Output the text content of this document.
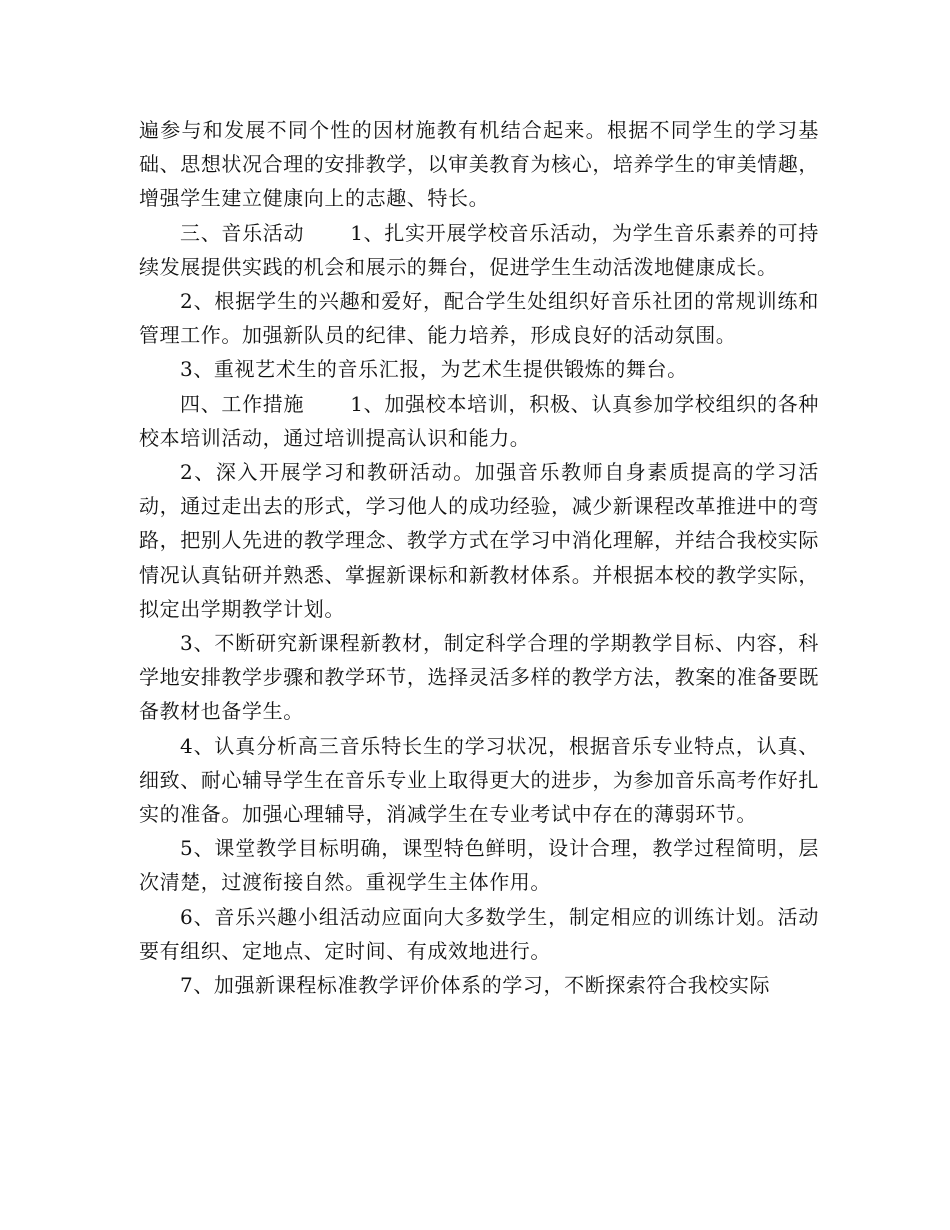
遍参与和发展不同个性的因材施教有机结合起来。根据不同学生的学习基础、思想状况合理的安排教学，以审美教育为核心，培养学生的审美情趣，增强学生建立健康向上的志趣、特长。

三、音乐活动 1、扎实开展学校音乐活动，为学生音乐素养的可持续发展提供实践的机会和展示的舞台，促进学生生动活泼地健康成长。

2、根据学生的兴趣和爱好，配合学生处组织好音乐社团的常规训练和管理工作。加强新队员的纪律、能力培养，形成良好的活动氛围。

3、重视艺术生的音乐汇报，为艺术生提供锻炼的舞台。

四、工作措施 1、加强校本培训，积极、认真参加学校组织的各种校本培训活动，通过培训提高认识和能力。

2、深入开展学习和教研活动。加强音乐教师自身素质提高的学习活动，通过走出去的形式，学习他人的成功经验，减少新课程改革推进中的弯路，把别人先进的教学理念、教学方式在学习中消化理解，并结合我校实际情况认真钻研并熟悉、掌握新课标和新教材体系。并根据本校的教学实际，拟定出学期教学计划。

3、不断研究新课程新教材，制定科学合理的学期教学目标、内容，科学地安排教学步骤和教学环节，选择灵活多样的教学方法，教案的准备要既备教材也备学生。

4、认真分析高三音乐特长生的学习状况，根据音乐专业特点，认真、细致、耐心辅导学生在音乐专业上取得更大的进步，为参加音乐高考作好扎实的准备。加强心理辅导，消减学生在专业考试中存在的薄弱环节。

5、课堂教学目标明确，课型特色鲜明，设计合理，教学过程简明，层次清楚，过渡衔接自然。重视学生主体作用。

6、音乐兴趣小组活动应面向大多数学生，制定相应的训练计划。活动要有组织、定地点、定时间、有成效地进行。

7、加强新课程标准教学评价体系的学习，不断探索符合我校实际
